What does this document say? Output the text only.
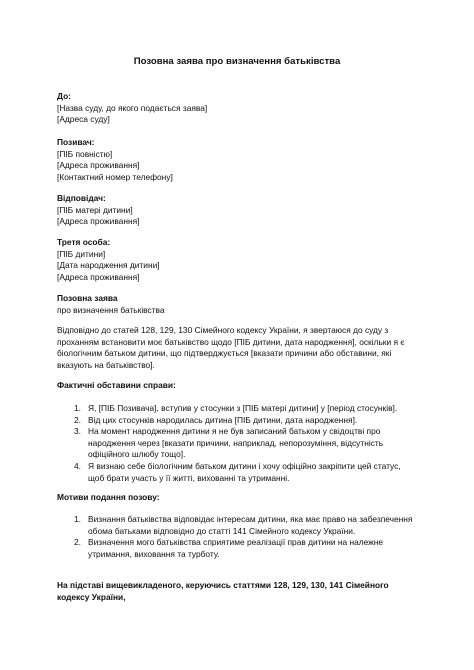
Позовна заява про визначення батьківства
До:
[Назва суду, до якого подається заява]
[Адреса суду]
Позивач:
[ПІБ повністю]
[Адреса проживання]
[Контактний номер телефону]
Відповідач:
[ПІБ матері дитини]
[Адреса проживання]
Третя особа:
[ПІБ дитини]
[Дата народження дитини]
[Адреса проживання]
Позовна заява
про визначення батьківства
Відповідно до статей 128, 129, 130 Сімейного кодексу України, я звертаюся до суду з проханням встановити моє батьківство щодо [ПІБ дитини, дата народження], оскільки я є біологічним батьком дитини, що підтверджується [вказати причини або обставини, які вказують на батьківство].
Фактичні обставини справи:
1. Я, [ПІБ Позивача], вступив у стосунки з [ПІБ матері дитини] у [період стосунків].
2. Від цих стосунків народилась дитина [ПІБ дитини, дата народження].
3. На момент народження дитини я не був записаний батьком у свідоцтві про народження через [вказати причини, наприклад, непорозуміння, відсутність офіційного шлюбу тощо].
4. Я визнаю себе біологічним батьком дитини і хочу офіційно закріпити цей статус, щоб брати участь у її житті, вихованні та утриманні.
Мотиви подання позову:
1. Визнання батьківства відповідає інтересам дитини, яка має право на забезпечення обома батьками відповідно до статті 141 Сімейного кодексу України.
2. Визначення мого батьківства сприятиме реалізації прав дитини на належне утримання, виховання та турботу.
На підставі вищевикладеного, керуючись статтями 128, 129, 130, 141 Сімейного кодексу України,
